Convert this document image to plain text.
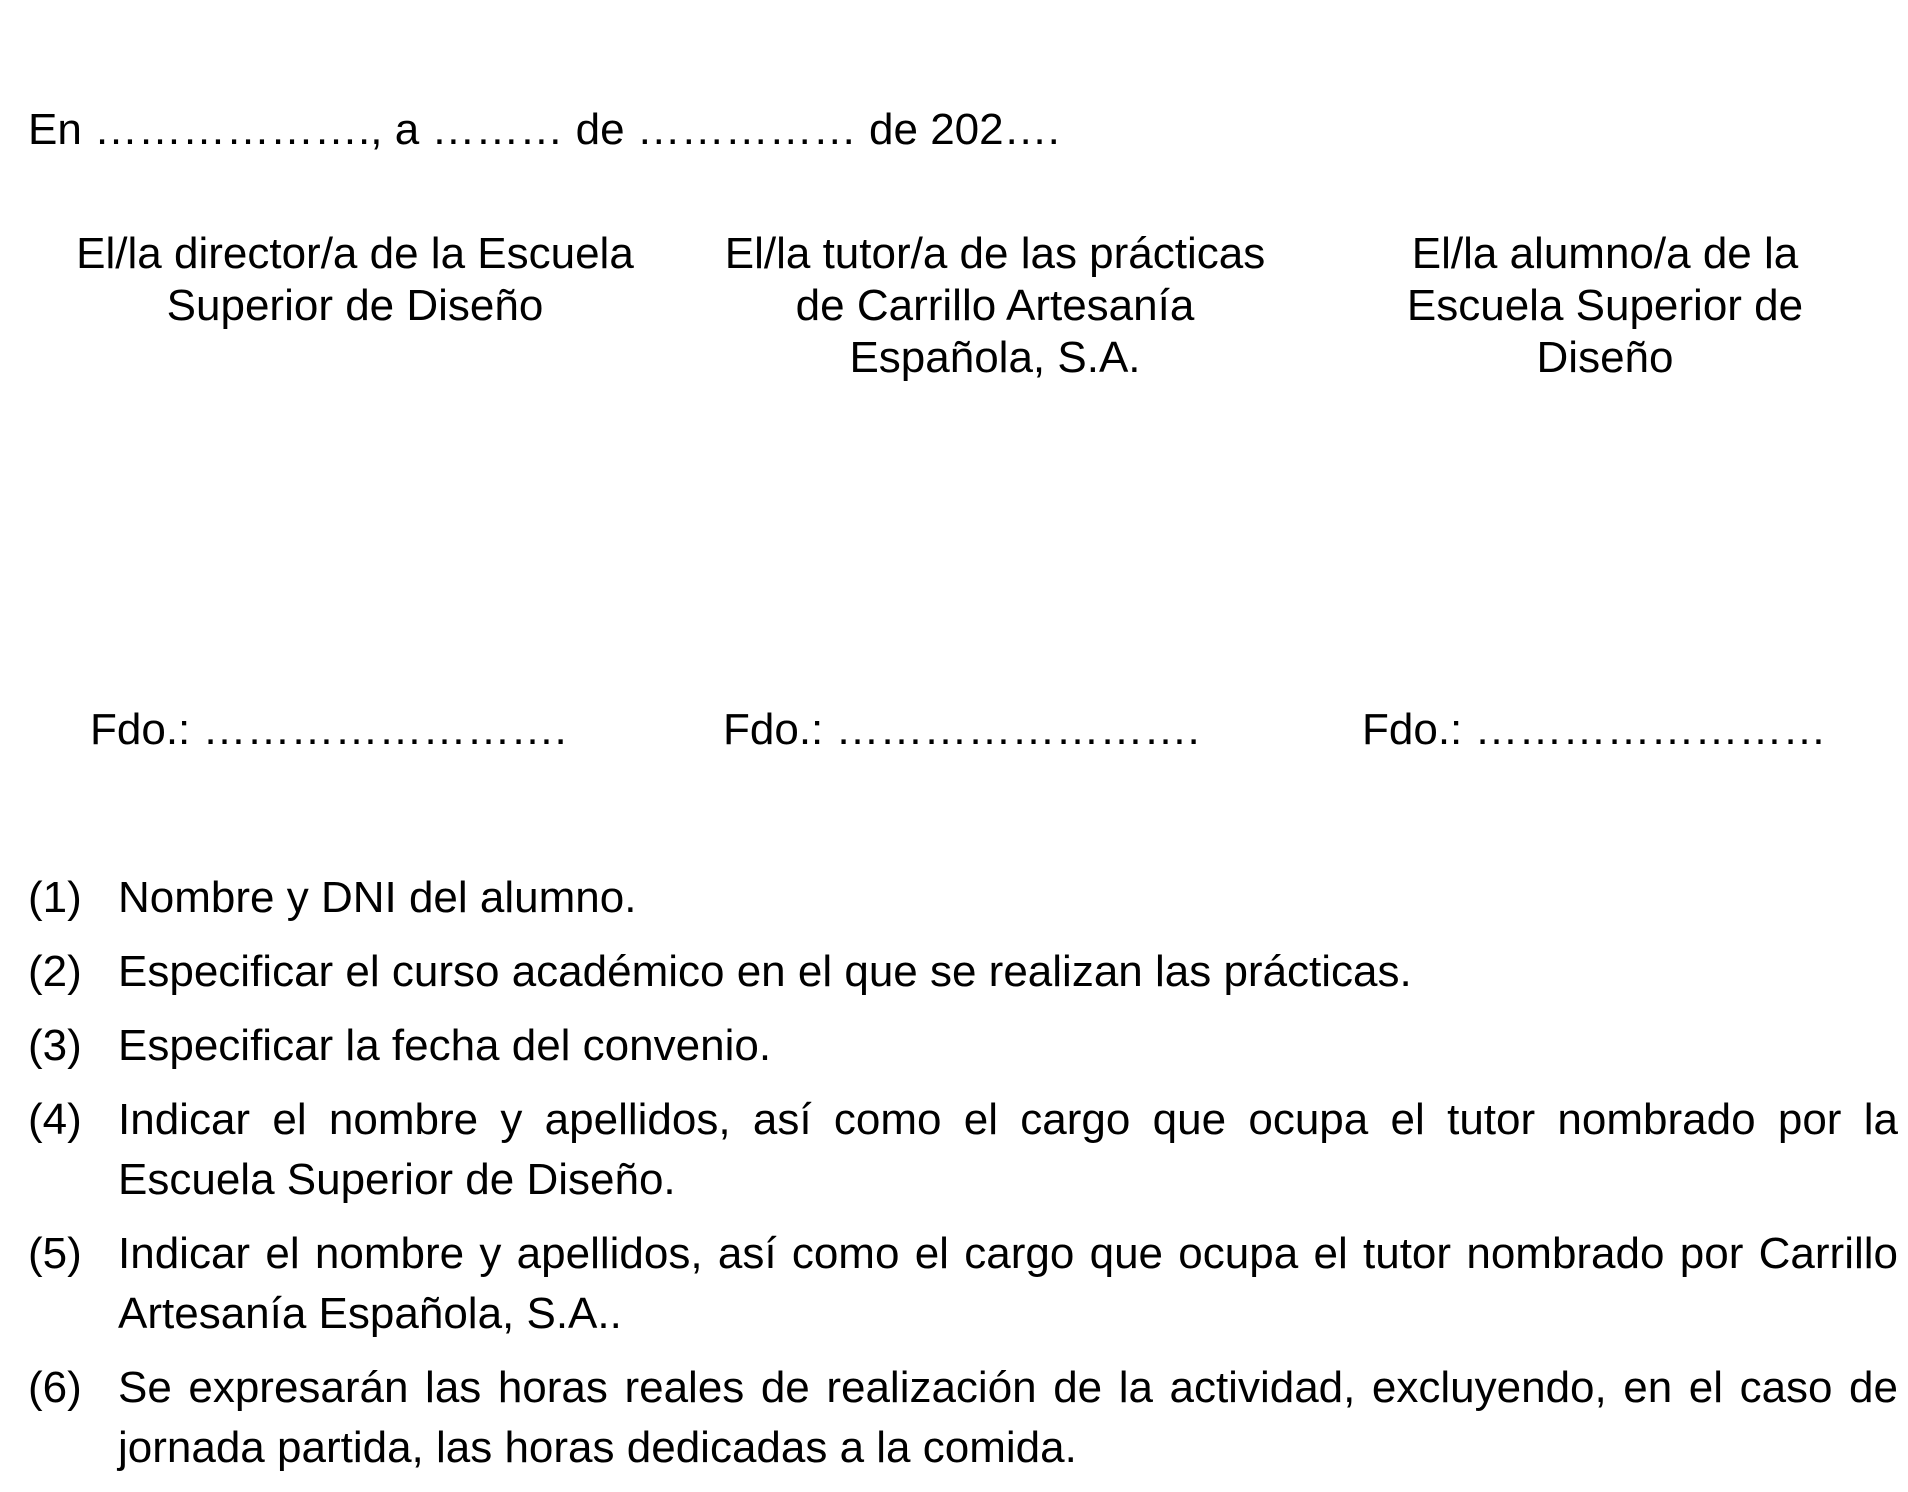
En ………………., a ……… de …………… de 202….
El/la director/a de la Escuela
Superior de Diseño
El/la tutor/a de las prácticas
de Carrillo Artesanía
Española, S.A.
El/la alumno/a de la
Escuela Superior de
Diseño
Fdo.: …………………….	Fdo.: …………………….	Fdo.: ……………………
(1) Nombre y DNI del alumno.
(2) Especificar el curso académico en el que se realizan las prácticas.
(3) Especificar la fecha del convenio.
(4) Indicar el nombre y apellidos, así como el cargo que ocupa el tutor nombrado por la Escuela Superior de Diseño.
(5) Indicar el nombre y apellidos, así como el cargo que ocupa el tutor nombrado por Carrillo Artesanía Española, S.A..
(6) Se expresarán las horas reales de realización de la actividad, excluyendo, en el caso de jornada partida, las horas dedicadas a la comida.
